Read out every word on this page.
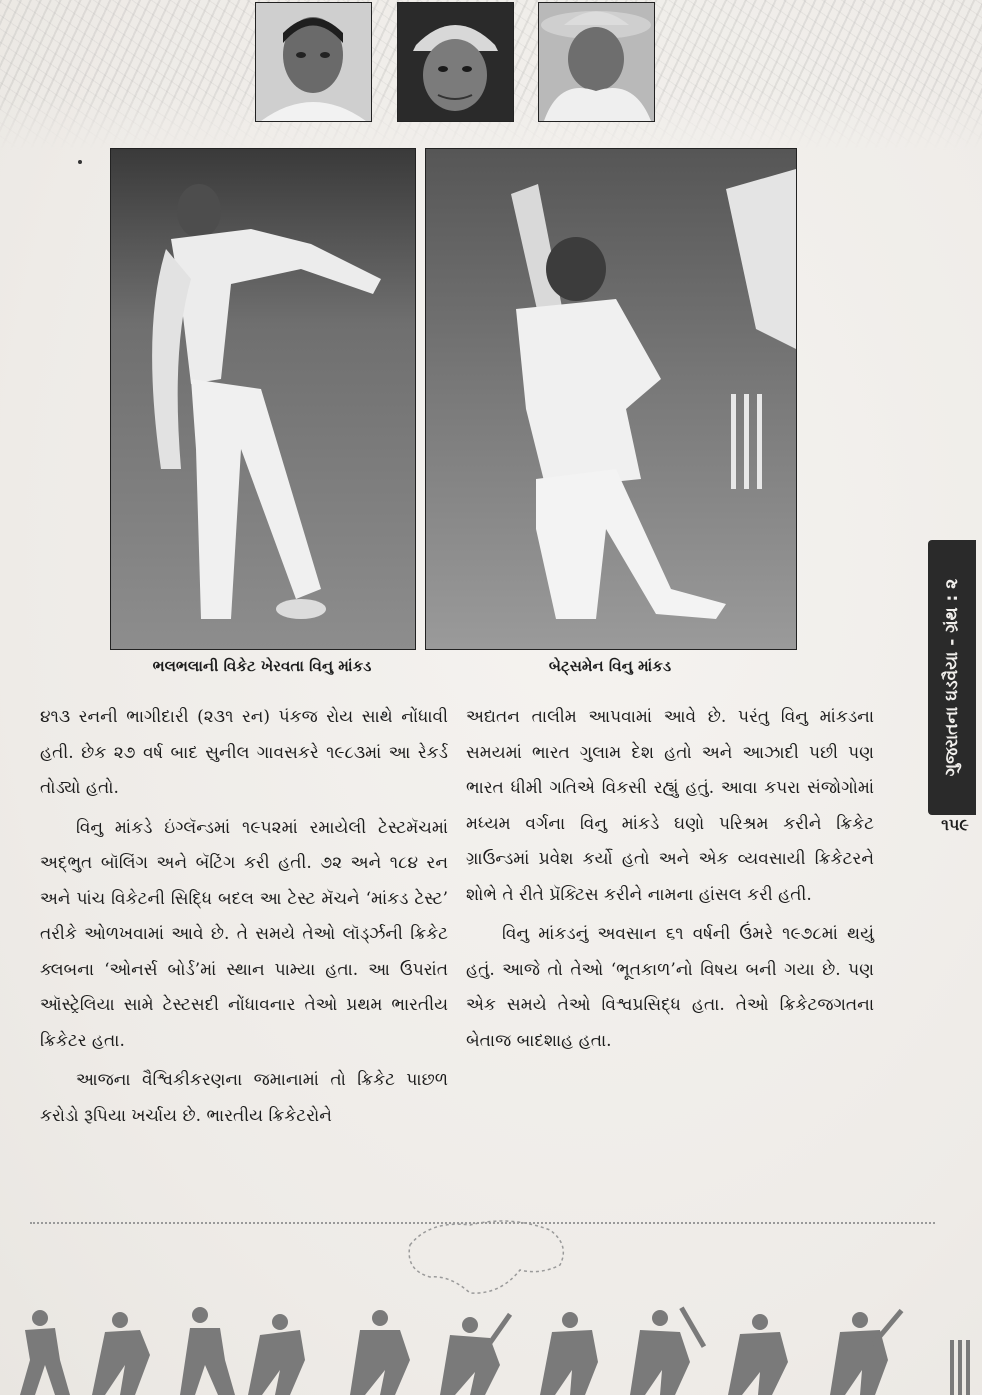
ભલભલાની વિકેટ ખેરવતા વિનુ માંકડ	બેટ્સમેન વિનુ માંકડ

૪૧૩ રનની ભાગીદારી (૨૩૧ રન) પંકજ રોય સાથે નોંધાવી હતી. છેક ૨૭ વર્ષ બાદ સુનીલ ગાવસકરે ૧૯૮૩માં આ રેકર્ડ તોડ્યો હતો.

વિનુ માંકડે ઇંગ્લૅન્ડમાં ૧૯૫૨માં રમાયેલી ટેસ્ટમૅચમાં અદ્ભુત બૉલિંગ અને બૅટિંગ કરી હતી. ૭૨ અને ૧૮૪ રન અને પાંચ વિકેટની સિદ્ધિ બદલ આ ટેસ્ટ મૅચને ‘માંકડ ટેસ્ટ’ તરીકે ઓળખવામાં આવે છે. તે સમયે તેઓ લૉર્ડ્ઝની ક્રિકેટ ક્લબના ‘ઓનર્સ બોર્ડ’માં સ્થાન પામ્યા હતા. આ ઉપરાંત ઑસ્ટ્રેલિયા સામે ટેસ્ટસદી નોંધાવનાર તેઓ પ્રથમ ભારતીય ક્રિકેટર હતા.

આજના વૈશ્વિકીકરણના જમાનામાં તો ક્રિકેટ પાછળ કરોડો રૂપિયા ખર્ચાય છે. ભારતીય ક્રિકેટરોને

અદ્યતન તાલીમ આપવામાં આવે છે. પરંતુ વિનુ માંકડના સમયમાં ભારત ગુલામ દેશ હતો અને આઝાદી પછી પણ ભારત ધીમી ગતિએ વિકસી રહ્યું હતું. આવા કપરા સંજોગોમાં મધ્યમ વર્ગના વિનુ માંકડે ઘણો પરિશ્રમ કરીને ક્રિકેટ ગ્રાઉન્ડમાં પ્રવેશ કર્યો હતો અને એક વ્યવસાયી ક્રિકેટરને શોભે તે રીતે પ્રૅક્ટિસ કરીને નામના હાંસલ કરી હતી.

વિનુ માંકડનું અવસાન ૬૧ વર્ષની ઉંમરે ૧૯૭૮માં થયું હતું. આજે તો તેઓ ‘ભૂતકાળ’નો વિષય બની ગયા છે. પણ એક સમયે તેઓ વિશ્વપ્રસિદ્ધ હતા. તેઓ ક્રિકેટજગતના બેતાજ બાદશાહ હતા.

ગુજરાતના ઘડવૈયા - ગ્રંથ : ૨
૧૫૯
